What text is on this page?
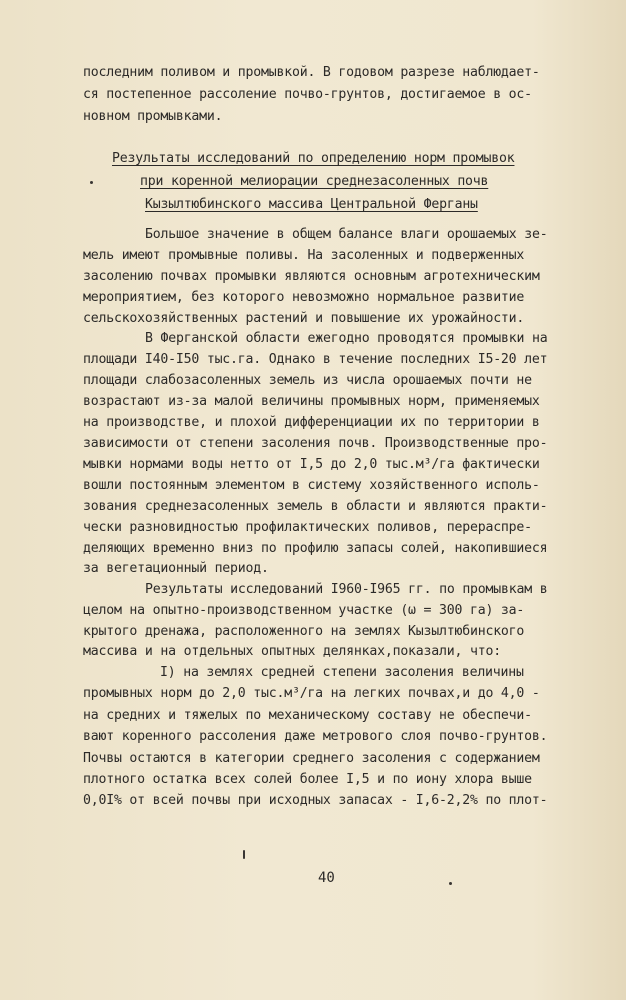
последним поливом и промывкой. В годовом разрезе наблюдает-
ся постепенное рассоление почво-грунтов, достигаемое в ос-
новном промывками.
Результаты исследований по определению норм промывок
при коренной мелиорации среднезасоленных почв
Кызылтюбинского массива Центральной Ферганы
Большое значение в общем балансе влаги орошаемых зе-
мель имеют промывные поливы. На засоленных и подверженных
засолению почвах промывки являются основным агротехническим
мероприятием, без которого невозможно нормальное развитие
сельскохозяйственных растений и повышение их урожайности.
В Ферганской области ежегодно проводятся промывки на
площади I40-I50 тыс.га. Однако в течение последних I5-20 лет
площади слабозасоленных земель из числа орошаемых почти не
возрастают из-за малой величины промывных норм, применяемых
на производстве, и плохой дифференциации их по территории в
зависимости от степени засоления почв. Производственные про-
мывки нормами воды нетто от I,5 до 2,0 тыс.м³/га фактически
вошли постоянным элементом в систему хозяйственного исполь-
зования среднезасоленных земель в области и являются практи-
чески разновидностью профилактических поливов, перераспре-
деляющих временно вниз по профилю запасы солей, накопившиеся
за вегетационный период.
Результаты исследований I960-I965 гг. по промывкам в
целом на опытно-производственном участке (ω = 300 га) за-
крытого дренажа, расположенного на землях Кызылтюбинского
массива и на отдельных опытных делянках,показали, что:
I) на землях средней степени засоления величины
промывных норм до 2,0 тыс.м³/га на легких почвах,и до 4,0 -
на средних и тяжелых по механическому составу не обеспечи-
вают коренного рассоления даже метрового слоя почво-грунтов.
Почвы остаются в категории среднего засоления с содержанием
плотного остатка всех солей более I,5 и по иону хлора выше
0,0I% от всей почвы при исходных запасах - I,6-2,2% по плот-
40
